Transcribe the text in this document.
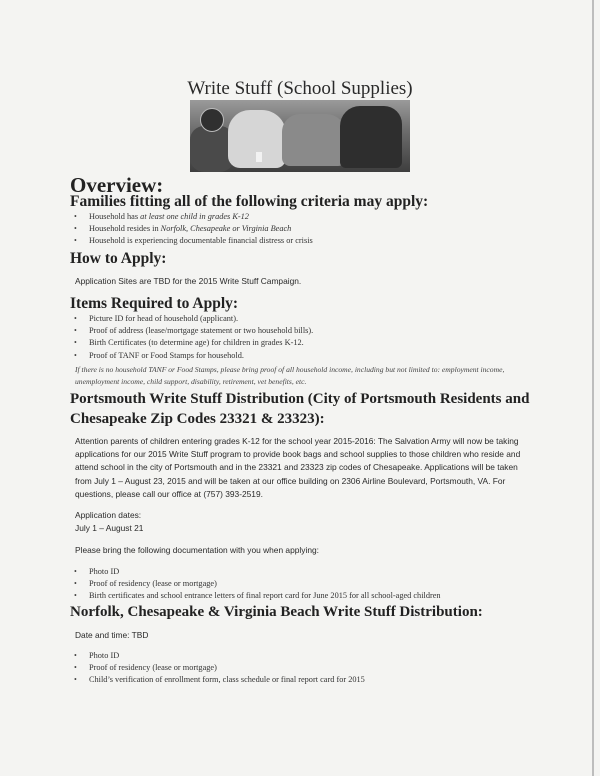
Write Stuff (School Supplies)
Overview:
Families fitting all of the following criteria may apply:
• Household has at least one child in grades K-12
• Household resides in Norfolk, Chesapeake or Virginia Beach
• Household is experiencing documentable financial distress or crisis
How to Apply:
Application Sites are TBD for the 2015 Write Stuff Campaign.
Items Required to Apply:
• Picture ID for head of household (applicant).
• Proof of address (lease/mortgage statement or two household bills).
• Birth Certificates (to determine age) for children in grades K-12.
• Proof of TANF or Food Stamps for household.
If there is no household TANF or Food Stamps, please bring proof of all household income, including but not limited to: employment income, unemployment income, child support, disability, retirement, vet benefits, etc.
Portsmouth Write Stuff Distribution (City of Portsmouth Residents and Chesapeake Zip Codes 23321 & 23323):
Attention parents of children entering grades K-12 for the school year 2015-2016: The Salvation Army will now be taking applications for our 2015 Write Stuff program to provide book bags and school supplies to those children who reside and attend school in the city of Portsmouth and in the 23321 and 23323 zip codes of Chesapeake. Applications will be taken from July 1 – August 23, 2015 and will be taken at our office building on 2306 Airline Boulevard, Portsmouth, VA. For questions, please call our office at (757) 393-2519.
Application dates:
July 1 – August 21
Please bring the following documentation with you when applying:
• Photo ID
• Proof of residency (lease or mortgage)
• Birth certificates and school entrance letters of final report card for June 2015 for all school-aged children
Norfolk, Chesapeake & Virginia Beach Write Stuff Distribution:
Date and time: TBD
• Photo ID
• Proof of residency (lease or mortgage)
• Child’s verification of enrollment form, class schedule or final report card for 2015
